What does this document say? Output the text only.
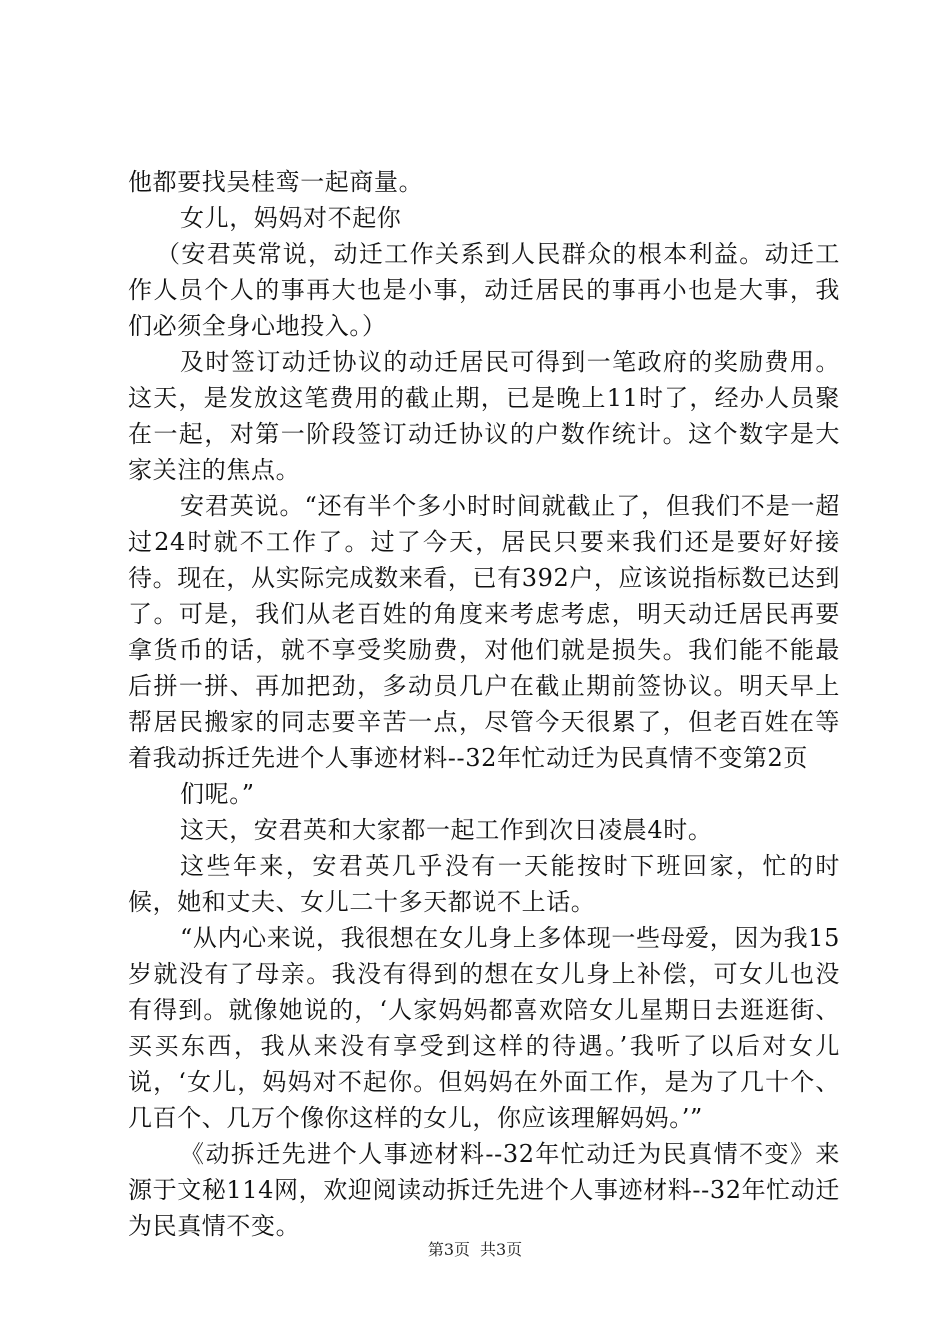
他都要找吴桂鸾一起商量。

女儿，妈妈对不起你

（安君英常说，动迁工作关系到人民群众的根本利益。动迁工作人员个人的事再大也是小事，动迁居民的事再小也是大事，我们必须全身心地投入。）

及时签订动迁协议的动迁居民可得到一笔政府的奖励费用。这天，是发放这笔费用的截止期，已是晚上11时了，经办人员聚在一起，对第一阶段签订动迁协议的户数作统计。这个数字是大家关注的焦点。

安君英说。“还有半个多小时时间就截止了，但我们不是一超过24时就不工作了。过了今天，居民只要来我们还是要好好接待。现在，从实际完成数来看，已有392户，应该说指标数已达到了。可是，我们从老百姓的角度来考虑考虑，明天动迁居民再要拿货币的话，就不享受奖励费，对他们就是损失。我们能不能最后拼一拼、再加把劲，多动员几户在截止期前签协议。明天早上帮居民搬家的同志要辛苦一点，尽管今天很累了，但老百姓在等着我动拆迁先进个人事迹材料--32年忙动迁为民真情不变第2页

们呢。”

这天，安君英和大家都一起工作到次日凌晨4时。

这些年来，安君英几乎没有一天能按时下班回家，忙的时候，她和丈夫、女儿二十多天都说不上话。

“从内心来说，我很想在女儿身上多体现一些母爱，因为我15岁就没有了母亲。我没有得到的想在女儿身上补偿，可女儿也没有得到。就像她说的，‘人家妈妈都喜欢陪女儿星期日去逛逛街、买买东西，我从来没有享受到这样的待遇。’我听了以后对女儿说，‘女儿，妈妈对不起你。但妈妈在外面工作，是为了几十个、几百个、几万个像你这样的女儿，你应该理解妈妈。’”

《动拆迁先进个人事迹材料--32年忙动迁为民真情不变》来源于文秘114网，欢迎阅读动拆迁先进个人事迹材料--32年忙动迁为民真情不变。

第3页 共3页
